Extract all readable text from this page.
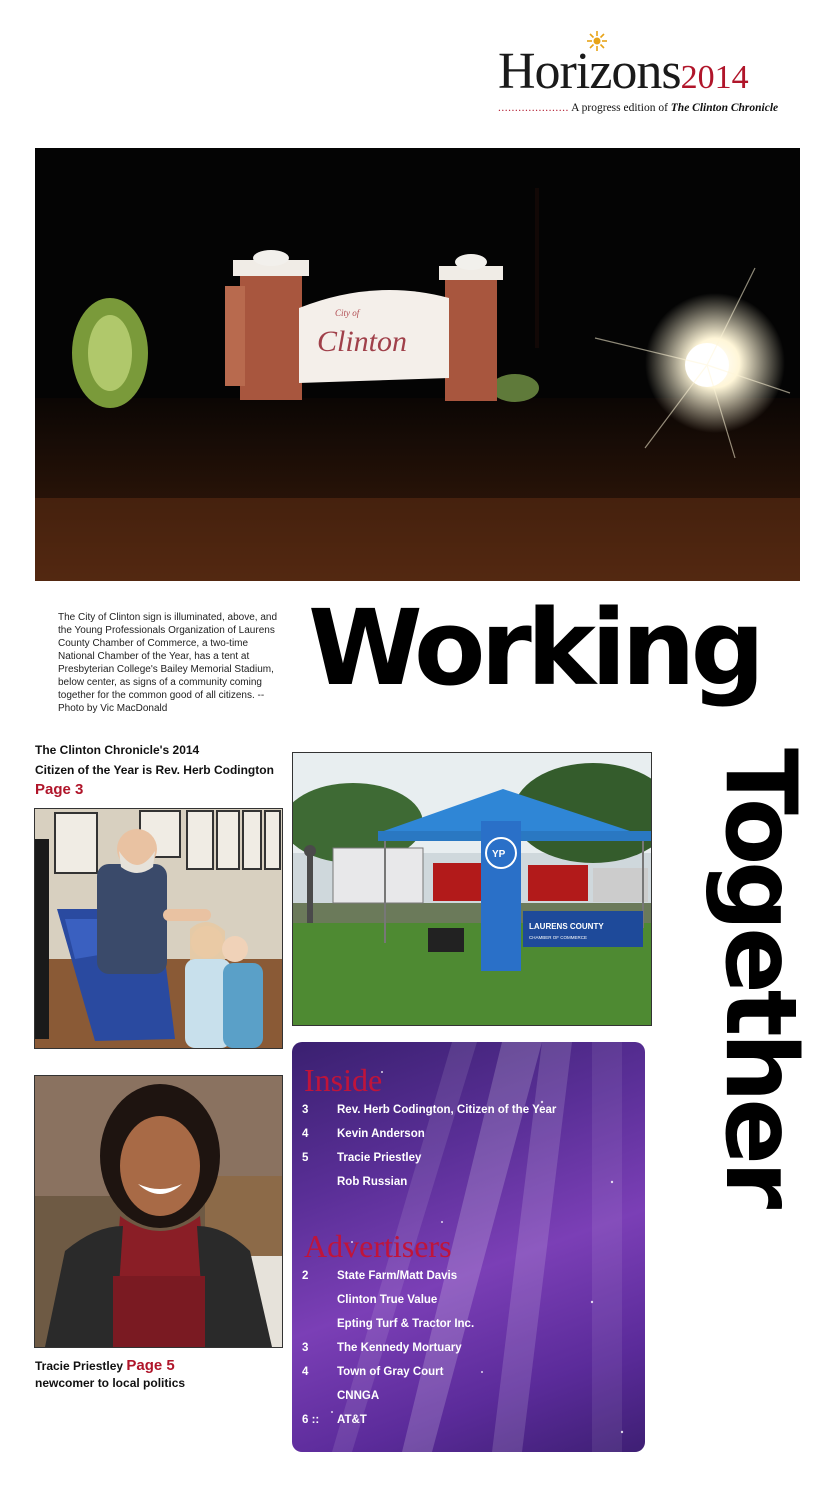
Horizons2014
..................... A progress edition of The Clinton Chronicle
City of
Clinton
The City of Clinton sign is illuminated, above, and the Young Professionals Organization of Laurens County Chamber of Commerce, a two-time National Chamber of the Year, has a tent at Presbyterian College's Bailey Memorial Stadium, below center, as signs of a community coming together for the common good of all citizens. -- Photo by Vic MacDonald	Working
Together
The Clinton Chronicle's 2014
Citizen of the Year is Rev. Herb Codington
Page 3
LAURENS COUNTY
CHAMBER OF COMMERCE
YP
Tracie Priestley Page 5
newcomer to local politics
Inside
3	Rev. Herb Codington, Citizen of the Year
4	Kevin Anderson
5	Tracie Priestley
Rob Russian
Advertisers
2	State Farm/Matt Davis
Clinton True Value
Epting Turf & Tractor Inc.
3	The Kennedy Mortuary
4	Town of Gray Court
CNNGA
6 ::	AT&T
